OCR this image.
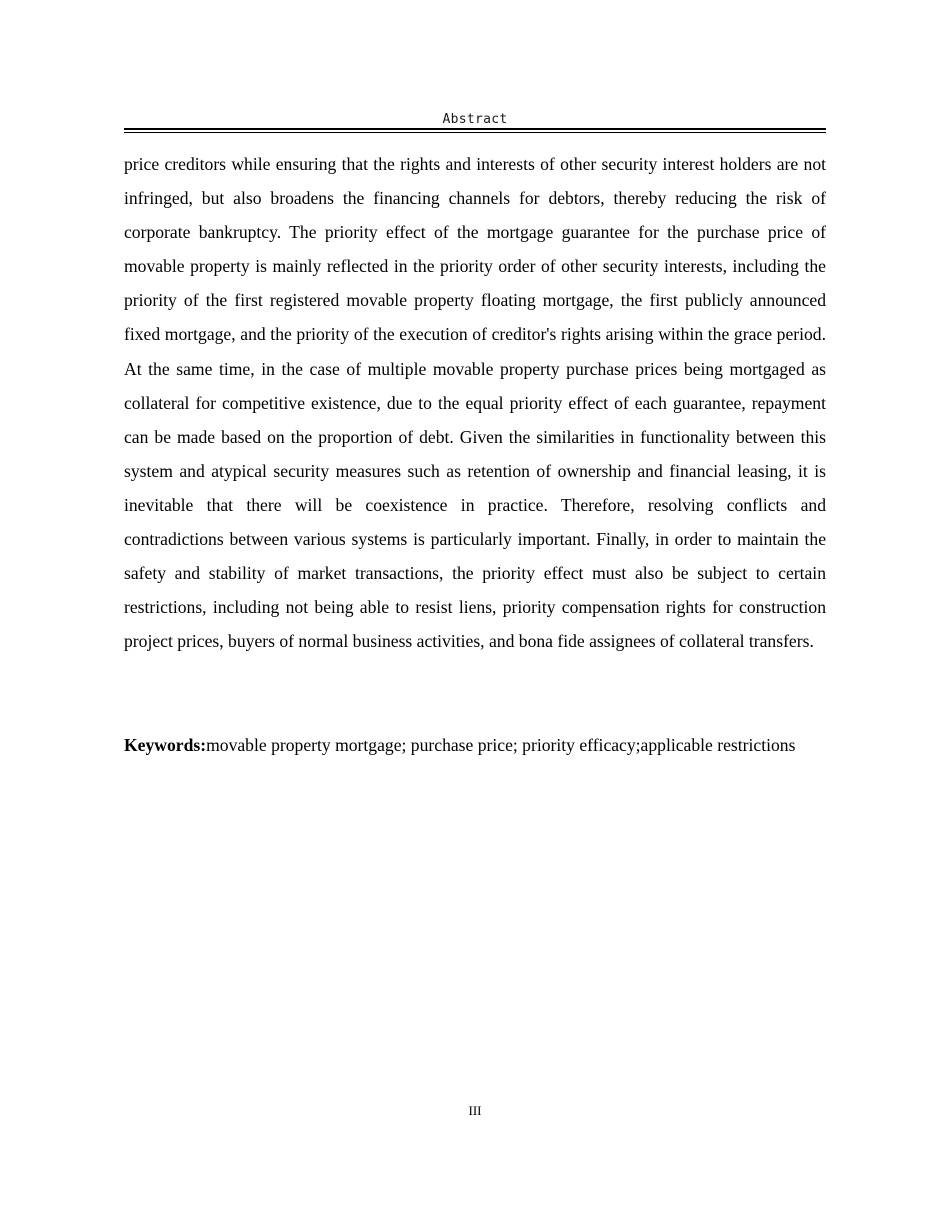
Abstract

price creditors while ensuring that the rights and interests of other security interest holders are not infringed, but also broadens the financing channels for debtors, thereby reducing the risk of corporate bankruptcy. The priority effect of the mortgage guarantee for the purchase price of movable property is mainly reflected in the priority order of other security interests, including the priority of the first registered movable property floating mortgage, the first publicly announced fixed mortgage, and the priority of the execution of creditor's rights arising within the grace period. At the same time, in the case of multiple movable property purchase prices being mortgaged as collateral for competitive existence, due to the equal priority effect of each guarantee, repayment can be made based on the proportion of debt. Given the similarities in functionality between this system and atypical security measures such as retention of ownership and financial leasing, it is inevitable that there will be coexistence in practice. Therefore, resolving conflicts and contradictions between various systems is particularly important. Finally, in order to maintain the safety and stability of market transactions, the priority effect must also be subject to certain restrictions, including not being able to resist liens, priority compensation rights for construction project prices, buyers of normal business activities, and bona fide assignees of collateral transfers.

Keywords:movable property mortgage; purchase price; priority efficacy;applicable restrictions

III
